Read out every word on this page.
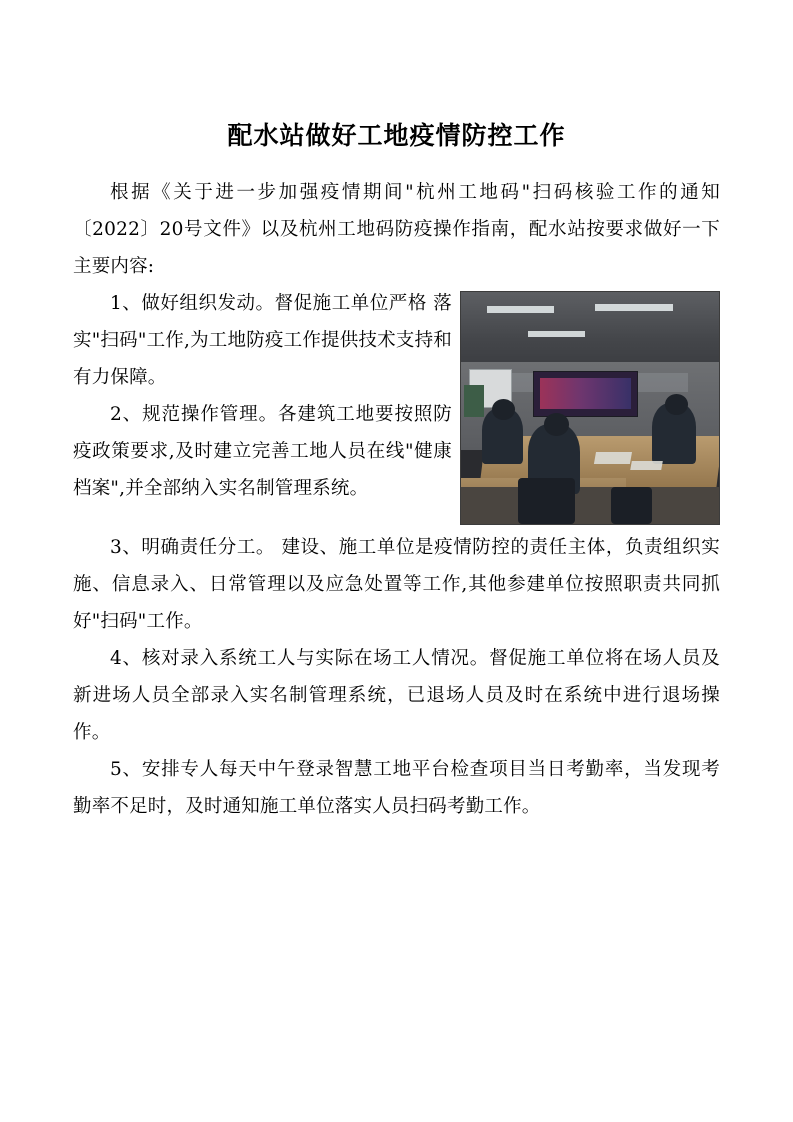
配水站做好工地疫情防控工作

根据《关于进一步加强疫情期间"杭州工地码"扫码核验工作的通知〔2022〕20号文件》以及杭州工地码防疫操作指南，配水站按要求做好一下主要内容:

1、做好组织发动。督促施工单位严格 落实"扫码"工作,为工地防疫工作提供技术支持和有力保障。

2、规范操作管理。各建筑工地要按照防疫政策要求,及时建立完善工地人员在线"健康档案",并全部纳入实名制管理系统。

3、明确责任分工。 建设、施工单位是疫情防控的责任主体，负责组织实施、信息录入、日常管理以及应急处置等工作,其他参建单位按照职责共同抓好"扫码"工作。

4、核对录入系统工人与实际在场工人情况。督促施工单位将在场人员及新进场人员全部录入实名制管理系统，已退场人员及时在系统中进行退场操作。

5、安排专人每天中午登录智慧工地平台检查项目当日考勤率，当发现考勤率不足时，及时通知施工单位落实人员扫码考勤工作。
